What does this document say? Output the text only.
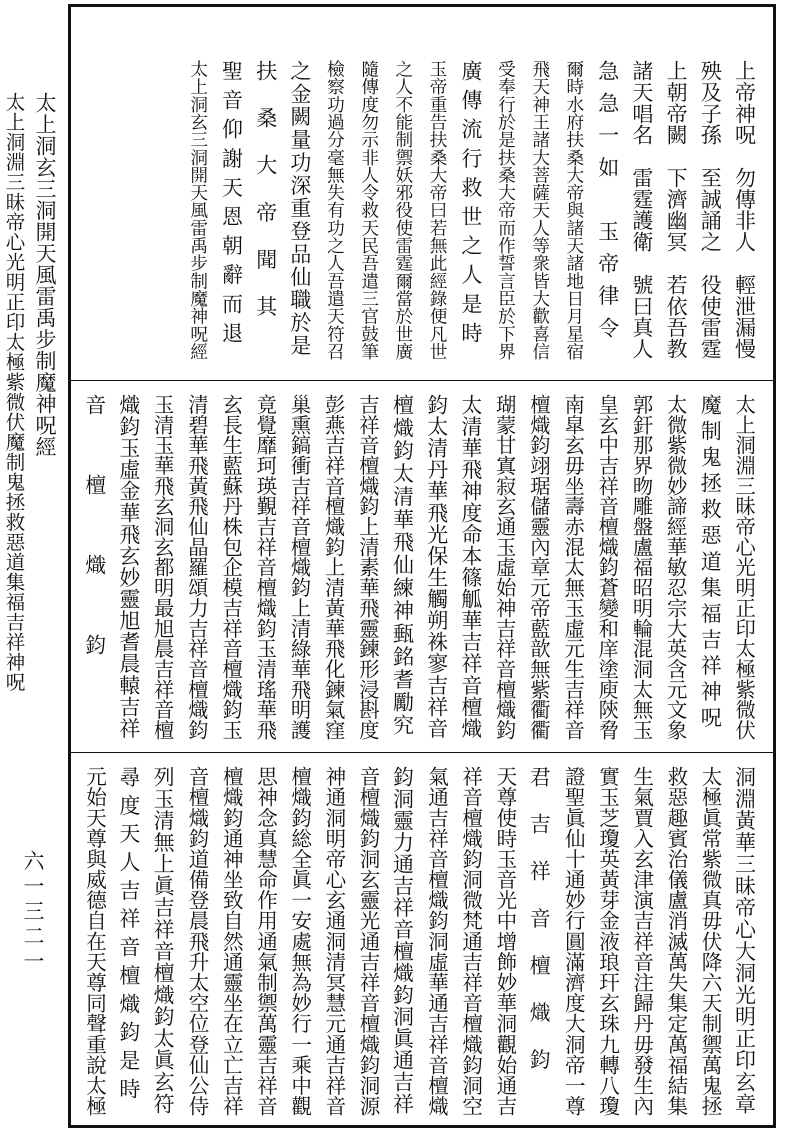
太上洞玄三洞開天風雷禹步制魔神呪經
太上洞淵三昧帝心光明正印太極紫微伏魔制鬼拯救惡道集福吉祥神呪
六一三二一
上帝神呪　勿傳非人　輕泄漏慢
殃及子孫　至誠誦之　役使雷霆
上朝帝闕　下濟幽冥　若依吾教
諸天唱名　雷霆護衛　號曰真人
急急一如　玉帝律令
爾時水府扶桑大帝與諸天諸地日月星宿
飛天神王諸大菩薩天人等衆皆大歡喜信
受奉行於是扶桑大帝而作誓言臣於下界
廣傳流行救世之人是時
玉帝重告扶桑大帝曰若無此經錄便凡世
之人不能制禦妖邪役使雷霆爾當於世廣
隨傳度勿示非人令救天民吾遣三官鼓筆
檢察功過分毫無失有功之人吾遣天符召
之金闕量功深重登品仙職於是
扶桑大帝聞其
聖音仰謝天恩朝辭而退
太上洞玄三洞開天風雷禹步制魔神呪經
太上洞淵三昧帝心光明正印太極紫微伏
魔制鬼拯救惡道集福吉祥神呪
太微紫微妙諦經華敏忍宗大英含元文象
郭釬那界昒雕盤盧福昭明輪混洞太無玉
皇玄中吉祥音檀熾鈞蒼變和庠塗庾陝脅
南皐玄毋坐壽赤混太無玉虛元生吉祥音
檀熾鈞翊琚儲靈內章元帝藍歆無紫衢衢
瑚蒙甘寘寂玄通玉虛始神吉祥音檀熾鈞
太清華飛神度命本篠觚華吉祥音檀熾
鈞太清丹華飛光保生觸朔袾寥吉祥音
檀熾鈞太清華飛仙練神甀銘耆勵究
吉祥音檀熾鈞上清素華飛靈鍊形浸斟度
彭燕吉祥音檀熾鈞上清黃華飛化鍊氣窪
巢熏鎬衝吉祥音檀熾鈞上清綠華飛明護
竟覺靡珂瑛覲吉祥音檀熾鈞玉清瑤華飛
玄長生藍蘇丹株包企模吉祥音檀熾鈞玉
清碧華飛黃飛仙晶羅頌力吉祥音檀熾鈞
玉清玉華飛玄洞玄都明最旭晨吉祥音檀
熾鈞玉虛金華飛玄妙靈旭耆晨轅吉祥
音檀熾鈞
洞淵黃華三昧帝心大洞光明正印玄章
太極眞常紫微真毋伏降六天制禦萬鬼拯
救惡趣賓治儀盧消滅萬失集定萬福結集
生氣賈入玄津演吉祥音注歸丹毋發生內
實玉芝瓊英黃芽金液琅玕玄珠九轉八瓊
證聖眞仙十通妙行圓滿濟度大洞帝一尊
君吉祥音檀熾鈞
天尊使時玉音光中增飾妙華洞觀始通吉
祥音檀熾鈞洞微梵通吉祥音檀熾鈞洞空
氣通吉祥音檀熾鈞洞虛華通吉祥音檀熾
鈞洞靈力通吉祥音檀熾鈞洞眞通吉祥
音檀熾鈞洞玄靈光通吉祥音檀熾鈞洞源
神通洞明帝心玄通洞清冥慧元通吉祥音
檀熾鈞総全眞一安處無為妙行一乘中觀
思神念真慧命作用通氣制禦萬靈吉祥音
檀熾鈞通神坐致自然通靈坐在立亡吉祥
音檀熾鈞道備登晨飛升太空位登仙公侍
列玉清無上眞吉祥音檀熾鈞太眞玄符
尋度天人吉祥音檀熾鈞是時
元始天尊與威德自在天尊同聲重說太極
